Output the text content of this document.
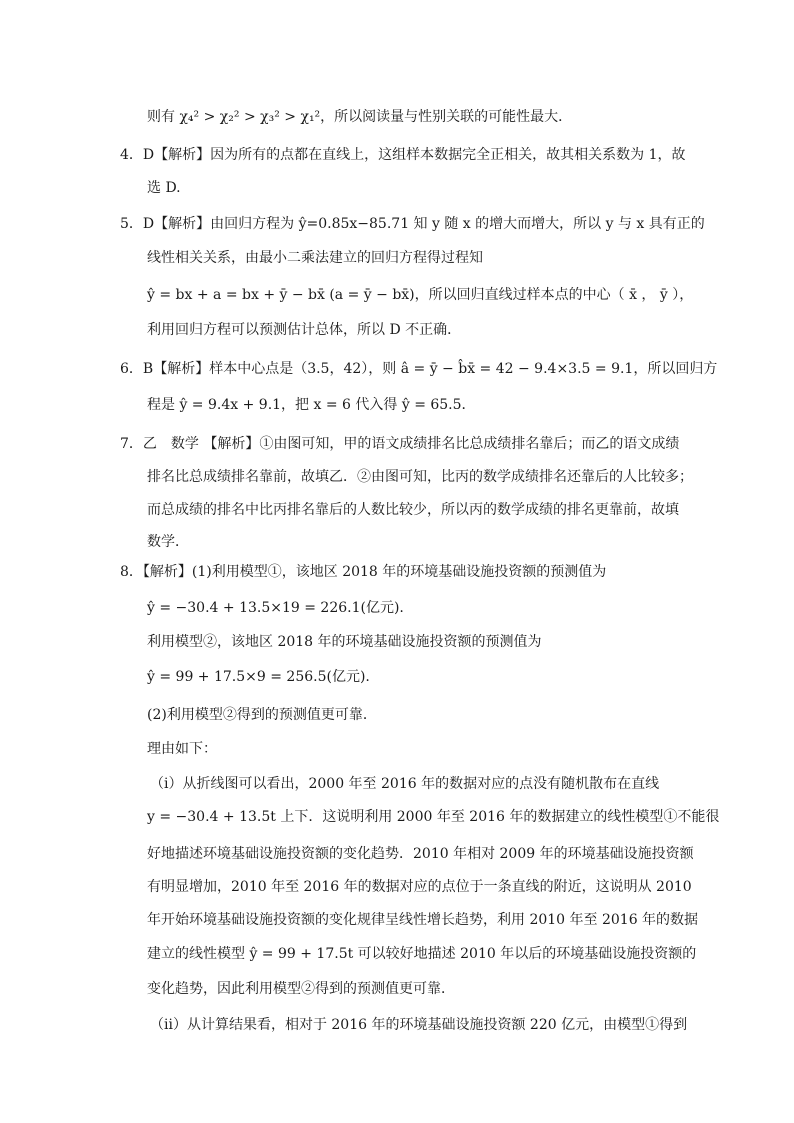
则有 χ₄² > χ₂² > χ₃² > χ₁²，所以阅读量与性别关联的可能性最大．
4．D【解析】因为所有的点都在直线上，这组样本数据完全正相关，故其相关系数为 1，故
选 D.
5．D【解析】由回归方程为 ŷ=0.85x−85.71 知 y 随 x 的增大而增大，所以 y 与 x 具有正的
线性相关关系，由最小二乘法建立的回归方程得过程知
ŷ = bx + a = bx + ȳ − bx̄ (a = ȳ − bx̄)，所以回归直线过样本点的中心（ x̄ ， ȳ ），
利用回归方程可以预测估计总体，所以 D 不正确．
6．B【解析】样本中心点是（3.5，42），则 â = ȳ − b̂x̄ = 42 − 9.4×3.5 = 9.1，所以回归方
程是 ŷ = 9.4x + 9.1，把 x = 6 代入得 ŷ = 65.5．
7．乙　数学 【解析】①由图可知，甲的语文成绩排名比总成绩排名靠后；而乙的语文成绩
排名比总成绩排名靠前，故填乙．②由图可知，比丙的数学成绩排名还靠后的人比较多；
而总成绩的排名中比丙排名靠后的人数比较少，所以丙的数学成绩的排名更靠前，故填
数学．
8．【解析】(1)利用模型①，该地区 2018 年的环境基础设施投资额的预测值为
ŷ = −30.4 + 13.5×19 = 226.1(亿元).
利用模型②，该地区 2018 年的环境基础设施投资额的预测值为
ŷ = 99 + 17.5×9 = 256.5(亿元).
(2)利用模型②得到的预测值更可靠．
理由如下：
（ⅰ）从折线图可以看出，2000 年至 2016 年的数据对应的点没有随机散布在直线
y = −30.4 + 13.5t 上下．这说明利用 2000 年至 2016 年的数据建立的线性模型①不能很
好地描述环境基础设施投资额的变化趋势．2010 年相对 2009 年的环境基础设施投资额
有明显增加，2010 年至 2016 年的数据对应的点位于一条直线的附近，这说明从 2010
年开始环境基础设施投资额的变化规律呈线性增长趋势，利用 2010 年至 2016 年的数据
建立的线性模型 ŷ = 99 + 17.5t 可以较好地描述 2010 年以后的环境基础设施投资额的
变化趋势，因此利用模型②得到的预测值更可靠．
（ⅱ）从计算结果看，相对于 2016 年的环境基础设施投资额 220 亿元，由模型①得到
